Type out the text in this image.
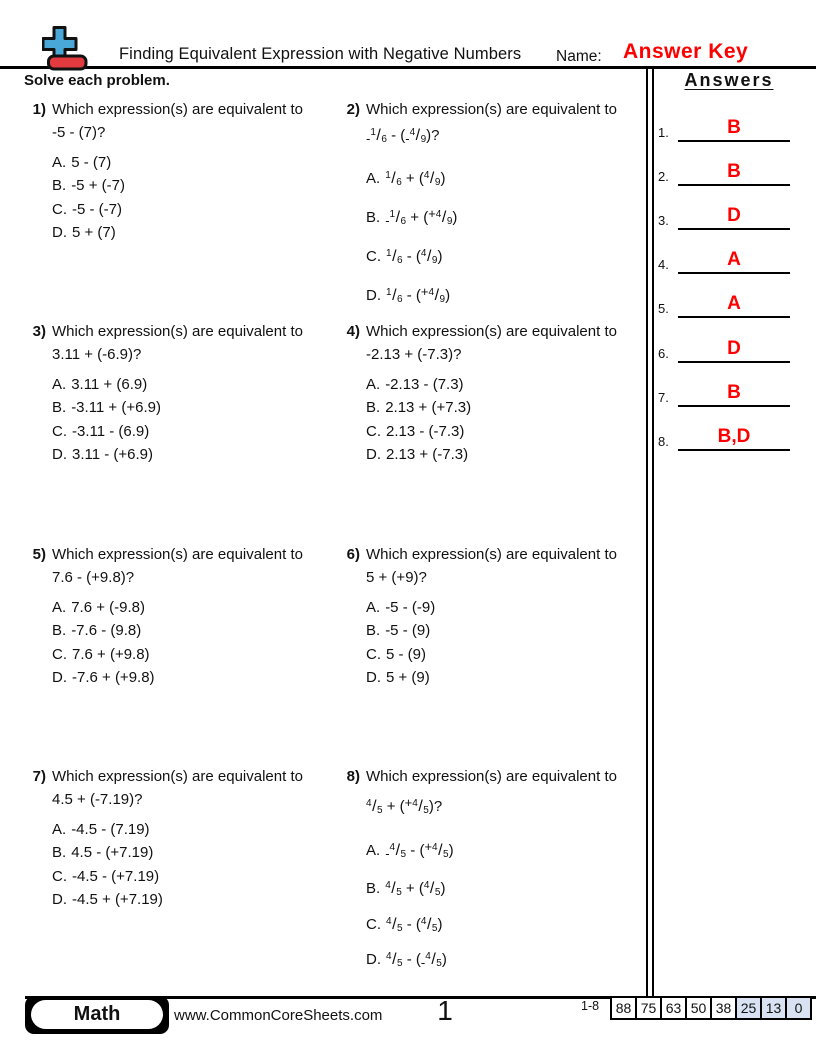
Finding Equivalent Expression with Negative Numbers Name: Answer Key
Solve each problem.	Answers
1.	B
2.	B
3.	D
4.	A
5.	A
6.	D
7.	B
8.	B,D
1) Which expression(s) are equivalent to
-5 - (7)?
A. 5 - (7)
B. -5 + (-7)
C. -5 - (-7)
D. 5 + (7)
2) Which expression(s) are equivalent to
$-^1/_6 - (-^4/_9)$?
A. $^1/_6 + (^4/_9)$
B. $-^1/_6 + (+^4/_9)$
C. $^1/_6 - (^4/_9)$
D. $^1/_6 - (+^4/_9)$
3) Which expression(s) are equivalent to
3.11 + (-6.9)?
A. 3.11 + (6.9)
B. -3.11 + (+6.9)
C. -3.11 - (6.9)
D. 3.11 - (+6.9)
4) Which expression(s) are equivalent to
-2.13 + (-7.3)?
A. -2.13 - (7.3)
B. 2.13 + (+7.3)
C. 2.13 - (-7.3)
D. 2.13 + (-7.3)
5) Which expression(s) are equivalent to
7.6 - (+9.8)?
A. 7.6 + (-9.8)
B. -7.6 - (9.8)
C. 7.6 + (+9.8)
D. -7.6 + (+9.8)
6) Which expression(s) are equivalent to
5 + (+9)?
A. -5 - (-9)
B. -5 - (9)
C. 5 - (9)
D. 5 + (9)
7) Which expression(s) are equivalent to
4.5 + (-7.19)?
A. -4.5 - (7.19)
B. 4.5 - (+7.19)
C. -4.5 - (+7.19)
D. -4.5 + (+7.19)
8) Which expression(s) are equivalent to
$^4/_5 + (+^4/_5)$?
A. $-^4/_5 - (+^4/_5)$
B. $^4/_5 + (^4/_5)$
C. $^4/_5 - (^4/_5)$
D. $^4/_5 - (-^4/_5)$
Math	www.CommonCoreSheets.com	1	1-8	88 75 63 50 38 25 13 0
